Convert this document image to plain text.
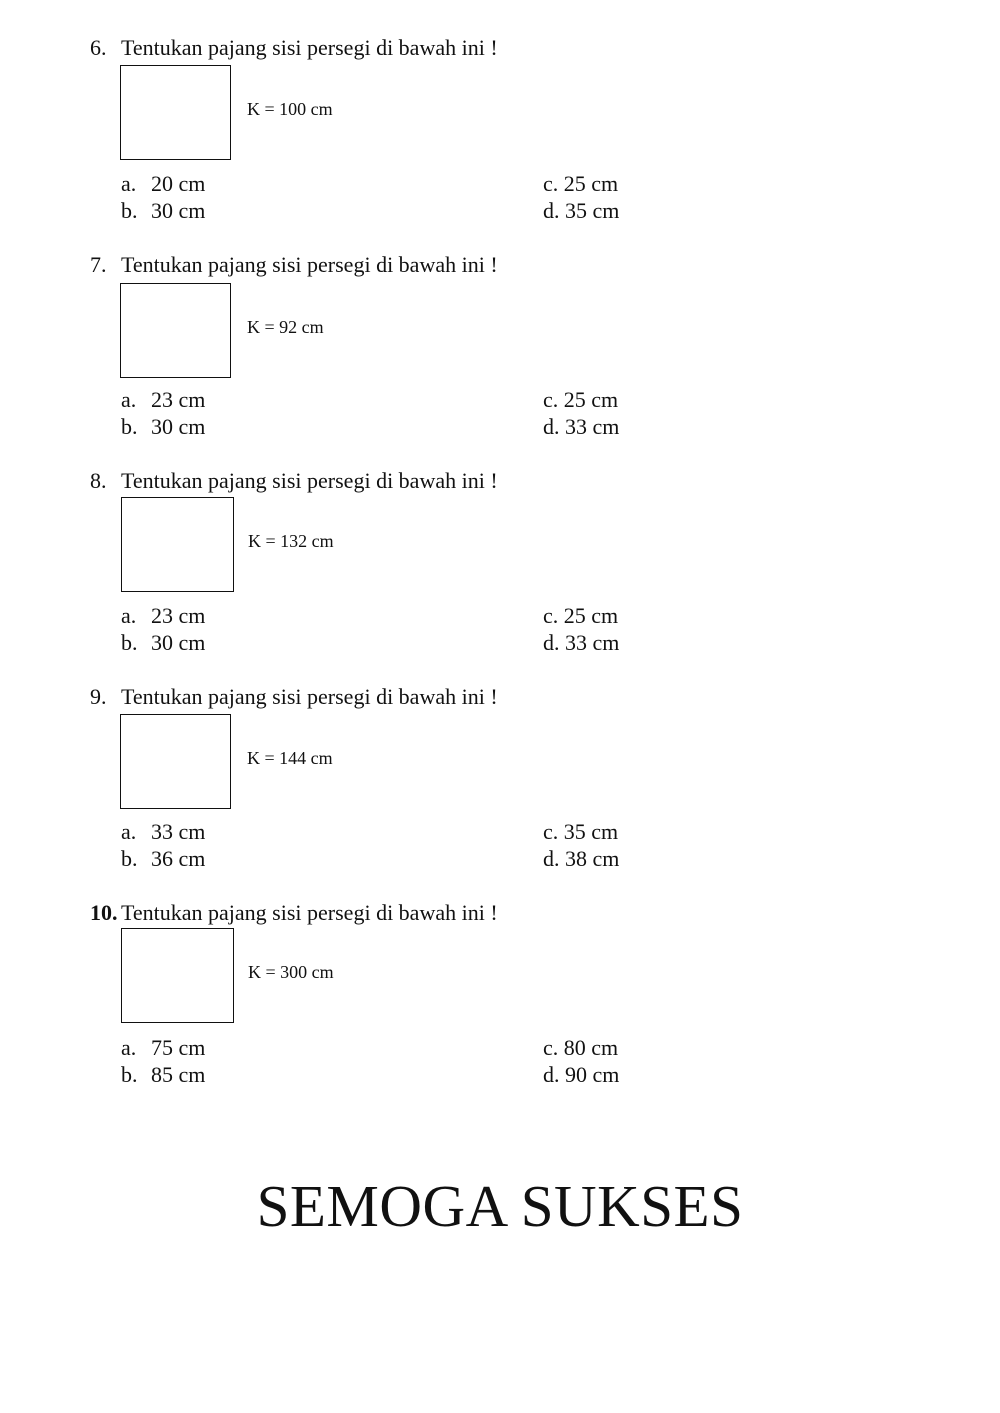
6. Tentukan pajang sisi persegi di bawah ini !
K = 100 cm
a. 20 cm
b. 30 cm
c. 25 cm
d. 35 cm
7. Tentukan pajang sisi persegi di bawah ini !
K = 92 cm
a. 23 cm
b. 30 cm
c. 25 cm
d. 33 cm
8. Tentukan pajang sisi persegi di bawah ini !
K = 132 cm
a. 23 cm
b. 30 cm
c. 25 cm
d. 33 cm
9. Tentukan pajang sisi persegi di bawah ini !
K = 144 cm
a. 33 cm
b. 36 cm
c. 35 cm
d. 38 cm
10. Tentukan pajang sisi persegi di bawah ini !
K = 300 cm
a. 75 cm
b. 85 cm
c. 80 cm
d. 90 cm
SEMOGA SUKSES
